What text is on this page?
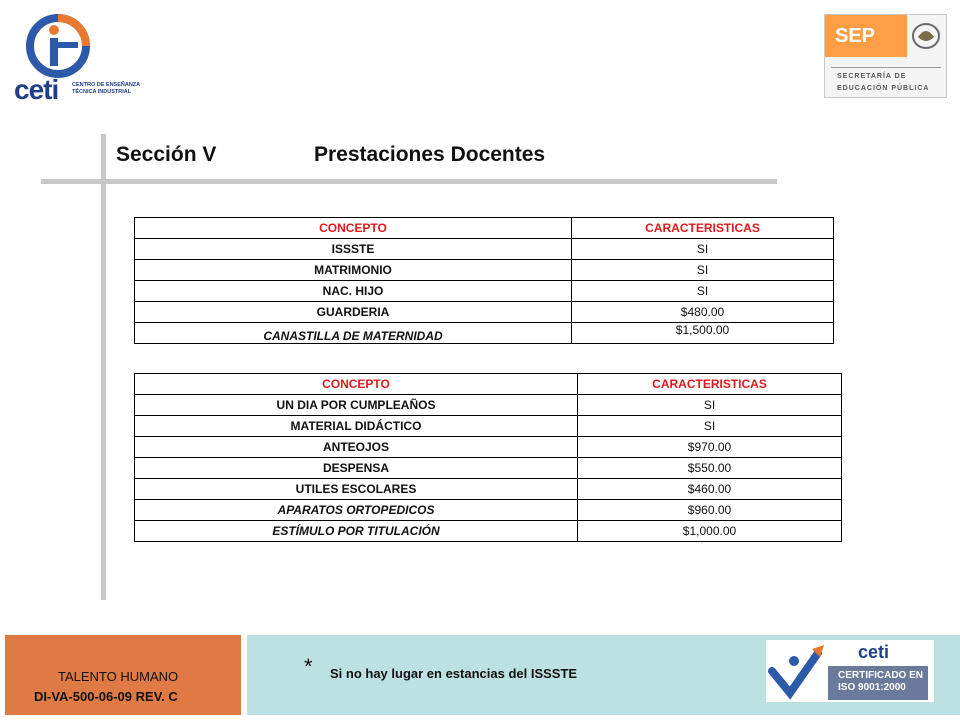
ceti	CENTRO DE ENSEÑANZA
TÉCNICA INDUSTRIAL
SEP
SECRETARÍA DE
EDUCACIÓN PÚBLICA
Sección V	Prestaciones Docentes
CONCEPTO	CARACTERISTICAS
ISSSTE	SI
MATRIMONIO	SI
NAC. HIJO	SI
GUARDERIA	$480.00
CANASTILLA DE MATERNIDAD	$1,500.00
CONCEPTO	CARACTERISTICAS
UN DIA POR CUMPLEAÑOS	SI
MATERIAL DIDÁCTICO	SI
ANTEOJOS	$970.00
DESPENSA	$550.00
UTILES ESCOLARES	$460.00
APARATOS ORTOPEDICOS	$960.00
ESTÍMULO POR TITULACIÓN	$1,000.00
TALENTO HUMANO
DI-VA-500-06-09 REV. C
* Si no hay lugar en estancias del ISSSTE
ceti
CERTIFICADO EN
ISO 9001:2000
